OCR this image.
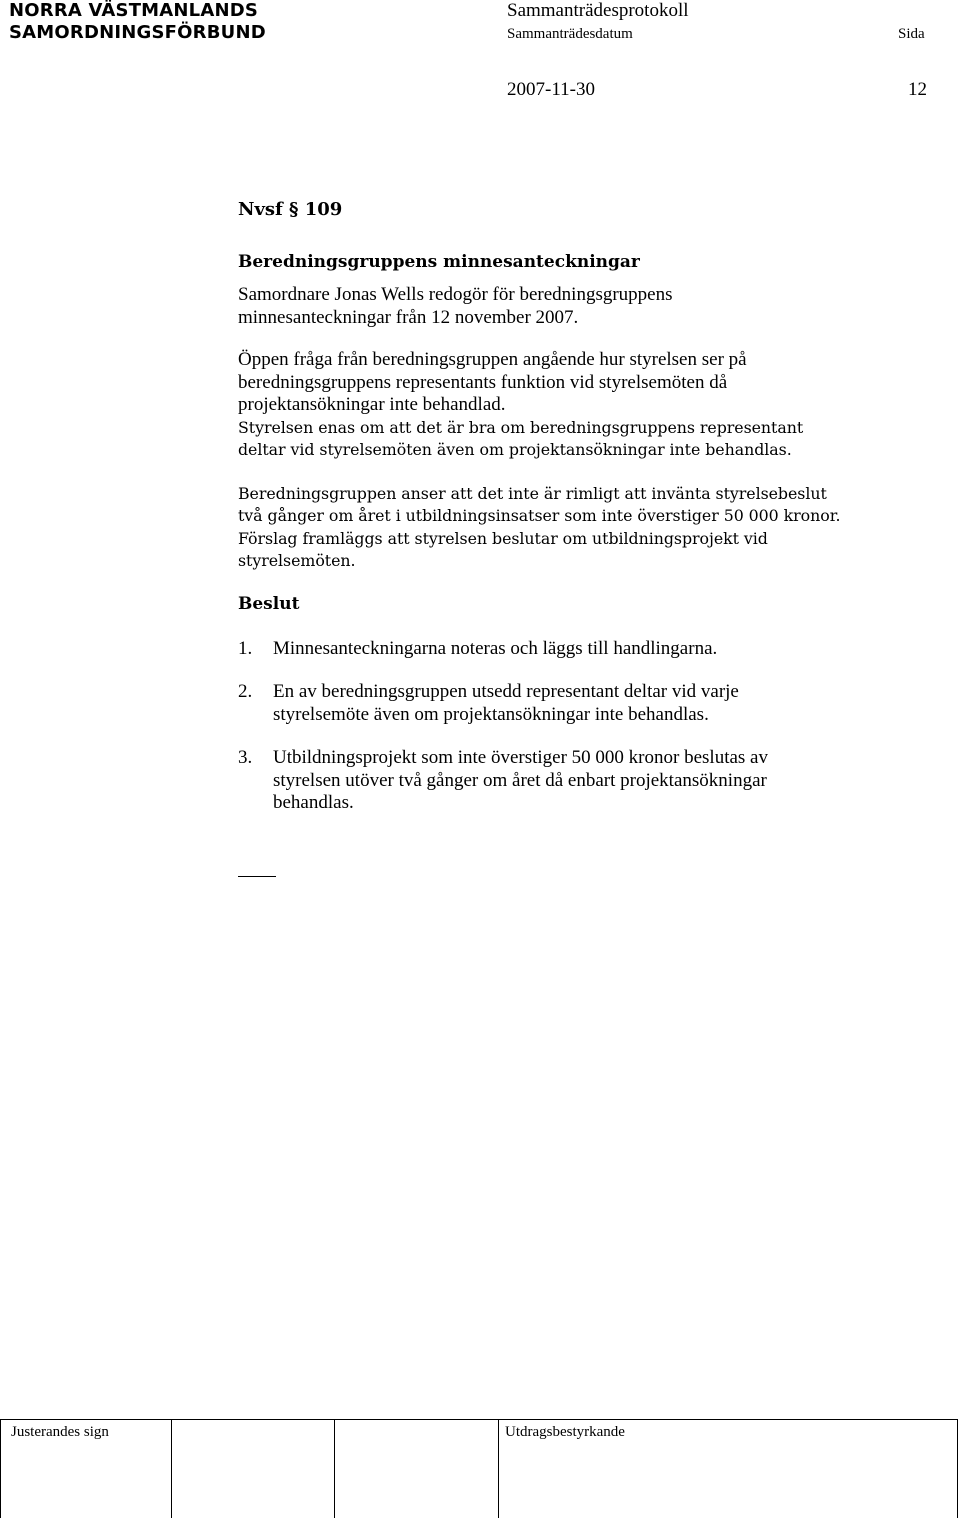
NORRA VÄSTMANLANDS
SAMORDNINGSFÖRBUND
Sammanträdesprotokoll
Sammanträdesdatum	Sida
2007-11-30	12

Nvsf § 109

Beredningsgruppens minnesanteckningar

Samordnare Jonas Wells redogör för beredningsgruppens

minnesanteckningar från 12 november 2007.

Öppen fråga från beredningsgruppen angående hur styrelsen ser på

beredningsgruppens representants funktion vid styrelsemöten då

projektansökningar inte behandlad.

Styrelsen enas om att det är bra om beredningsgruppens representant

deltar vid styrelsemöten även om projektansökningar inte behandlas.

Beredningsgruppen anser att det inte är rimligt att invänta styrelsebeslut

två gånger om året i utbildningsinsatser som inte överstiger 50 000 kronor.

Förslag framläggs att styrelsen beslutar om utbildningsprojekt vid

styrelsemöten.

Beslut

1. Minnesanteckningarna noteras och läggs till handlingarna.
2. En av beredningsgruppen utsedd representant deltar vid varje
styrelsemöte även om projektansökningar inte behandlas.
3. Utbildningsprojekt som inte överstiger 50 000 kronor beslutas av
styrelsen utöver två gånger om året då enbart projektansökningar
behandlas.
Justerandes sign	Utdragsbestyrkande
